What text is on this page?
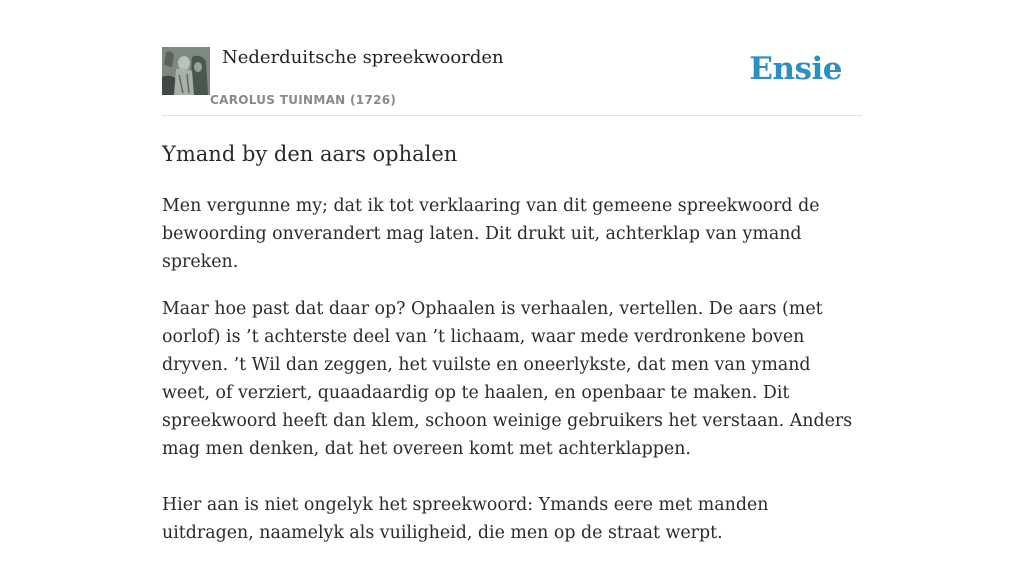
Nederduitsche spreekwoorden
CAROLUS TUINMAN (1726)
Ensie
Ymand by den aars ophalen

Men vergunne my; dat ik tot verklaaring van dit gemeene spreekwoord de bewoording onverandert mag laten. Dit drukt uit, achterklap van ymand spreken.

Maar hoe past dat daar op? Ophaalen is verhaalen, vertellen. De aars (met oorlof) is ’t achterste deel van ’t lichaam, waar mede verdronkene boven dryven. ’t Wil dan zeggen, het vuilste en oneerlykste, dat men van ymand weet, of verziert, quaadaardig op te haalen, en openbaar te maken. Dit spreekwoord heeft dan klem, schoon weinige gebruikers het verstaan. Anders mag men denken, dat het overeen komt met achterklappen.

Hier aan is niet ongelyk het spreekwoord: Ymands eere met manden uitdragen, naamelyk als vuiligheid, die men op de straat werpt.
